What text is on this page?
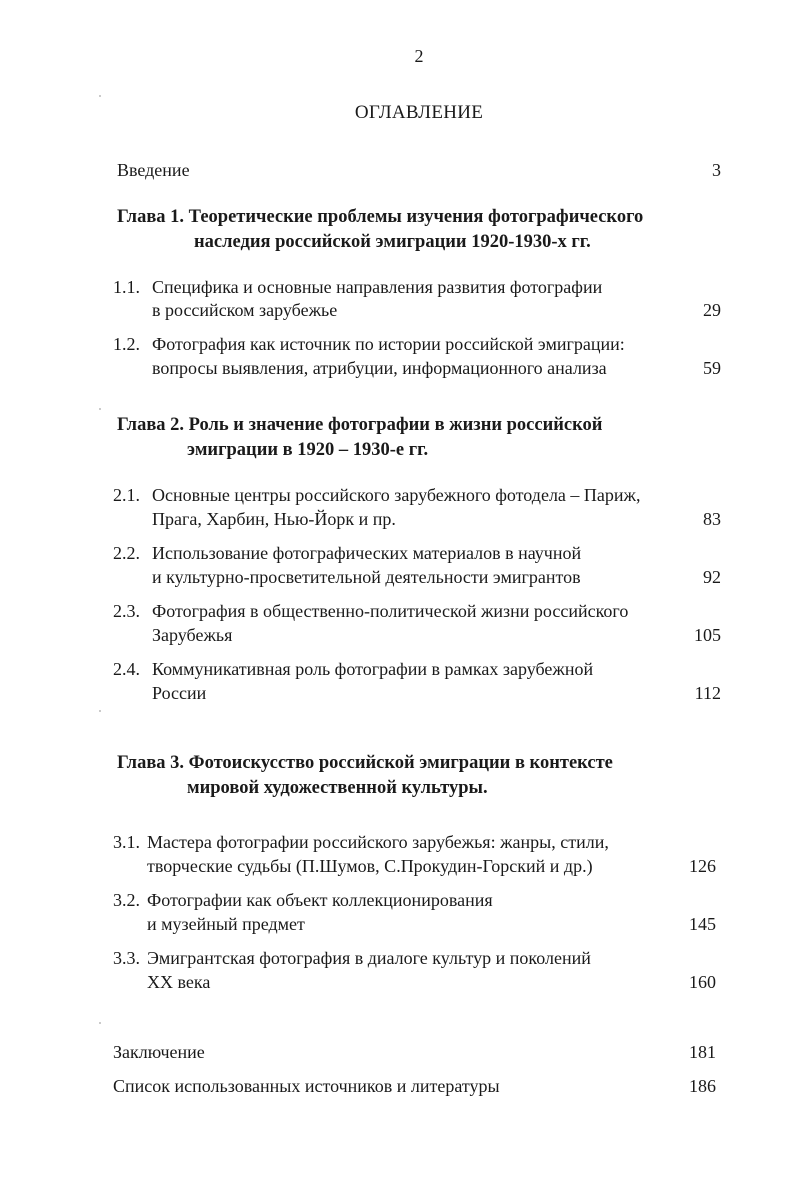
2
ОГЛАВЛЕНИЕ
Введение	3
Глава 1. Теоретические проблемы изучения фотографического
наследия российской эмиграции 1920-1930-х гг.
1.1. Специфика и основные направления развития фотографии
в российском зарубежье	29
1.2. Фотография как источник по истории российской эмиграции:
вопросы выявления, атрибуции, информационного анализа	59
Глава 2. Роль и значение фотографии в жизни российской
эмиграции в 1920 – 1930-е гг.
2.1. Основные центры российского зарубежного фотодела – Париж,
Прага, Харбин, Нью-Йорк и пр.	83
2.2. Использование фотографических материалов в научной
и культурно-просветительной деятельности эмигрантов	92
2.3. Фотография в общественно-политической жизни российского
Зарубежья	105
2.4. Коммуникативная роль фотографии в рамках зарубежной
России	112
Глава 3. Фотоискусство российской эмиграции в контексте
мировой художественной культуры.
3.1. Мастера фотографии российского зарубежья: жанры, стили,
творческие судьбы (П.Шумов, С.Прокудин-Горский и др.)	126
3.2. Фотографии как объект коллекционирования
и музейный предмет	145
3.3. Эмигрантская фотография в диалоге культур и поколений
XX века	160
Заключение	181
Список использованных источников и литературы	186
